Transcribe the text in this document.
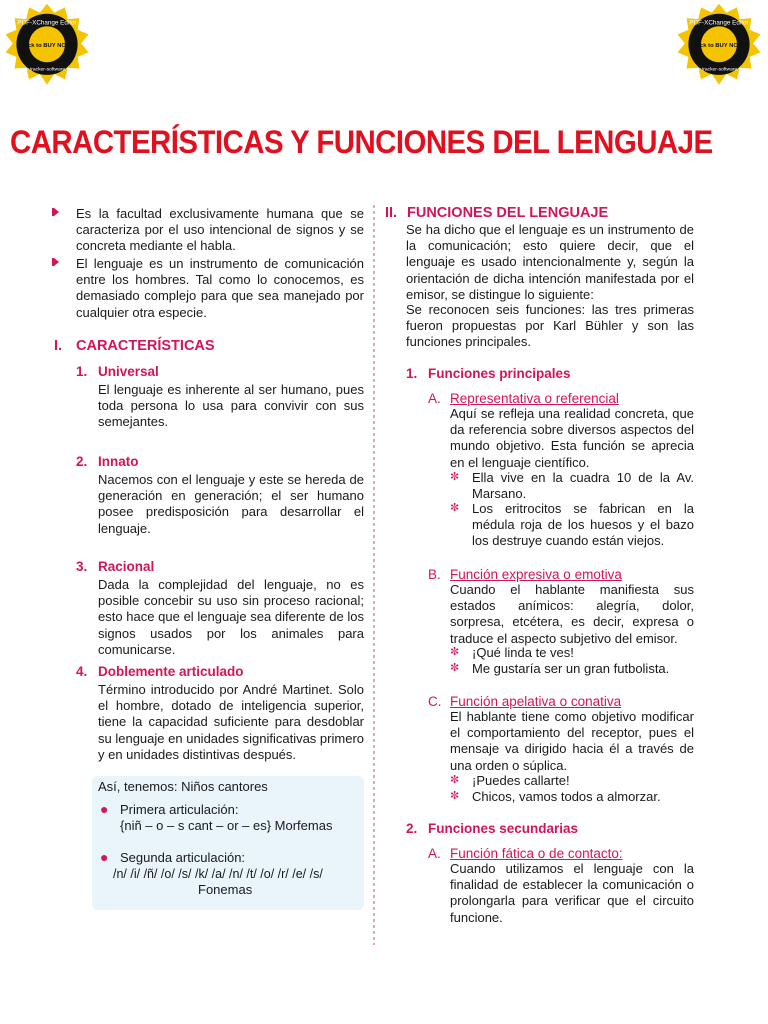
PDF-XChange Editor
Click to BUY NOW!
www.tracker-software.com
PDF-XChange Editor
Click to BUY NOW!
www.tracker-software.com
CARACTERÍSTICAS Y FUNCIONES DEL LENGUAJE

Es la facultad exclusivamente humana que se caracteriza por el uso intencional de signos y se concreta mediante el habla.

El lenguaje es un instrumento de comunicación entre los hombres. Tal como lo conocemos, es demasiado complejo para que sea manejado por cualquier otra especie.

I. CARACTERÍSTICAS
1. Universal

El lenguaje es inherente al ser humano, pues toda persona lo usa para convivir con sus semejantes.

2. Innato

Nacemos con el lenguaje y este se hereda de generación en generación; el ser humano posee predisposición para desarrollar el lenguaje.

3. Racional

Dada la complejidad del lenguaje, no es posible concebir su uso sin proceso racional; esto hace que el lenguaje sea diferente de los signos usados por los animales para comunicarse.

4. Doblemente articulado

Término introducido por André Martinet. Solo el hombre, dotado de inteligencia superior, tiene la capacidad suficiente para desdoblar su lenguaje en unidades significativas primero y en unidades distintivas después.

Así, tenemos: Niños cantores

● Primera articulación:

{niñ – o – s cant – or – es} Morfemas

● Segunda articulación:

/n/ /i/ /ñ/ /o/ /s/ /k/ /a/ /n/ /t/ /o/ /r/ /e/ /s/

Fonemas

II. FUNCIONES DEL LENGUAJE

Se ha dicho que el lenguaje es un instrumento de la comunicación; esto quiere decir, que el lenguaje es usado intencionalmente y, según la orientación de dicha intención manifestada por el emisor, se distingue lo siguiente:

Se reconocen seis funciones: las tres primeras fueron propuestas por Karl Bühler y son las funciones principales.

1. Funciones principales
A. Representativa o referencial

Aquí se refleja una realidad concreta, que da referencia sobre diversos aspectos del mundo objetivo. Esta función se aprecia en el lenguaje científico.

✼ Ella vive en la cuadra 10 de la Av. Marsano.

✼ Los eritrocitos se fabrican en la médula roja de los huesos y el bazo los destruye cuando están viejos.

B. Función expresiva o emotiva

Cuando el hablante manifiesta sus estados anímicos: alegría, dolor, sorpresa, etcétera, es decir, expresa o traduce el aspecto subjetivo del emisor.

✼ ¡Qué linda te ves!

✼ Me gustaría ser un gran futbolista.

C. Función apelativa o conativa

El hablante tiene como objetivo modificar el comportamiento del receptor, pues el mensaje va dirigido hacia él a través de una orden o súplica.

✼ ¡Puedes callarte!

✼ Chicos, vamos todos a almorzar.

2. Funciones secundarias
A. Función fática o de contacto:

Cuando utilizamos el lenguaje con la finalidad de establecer la comunicación o prolongarla para verificar que el circuito funcione.
